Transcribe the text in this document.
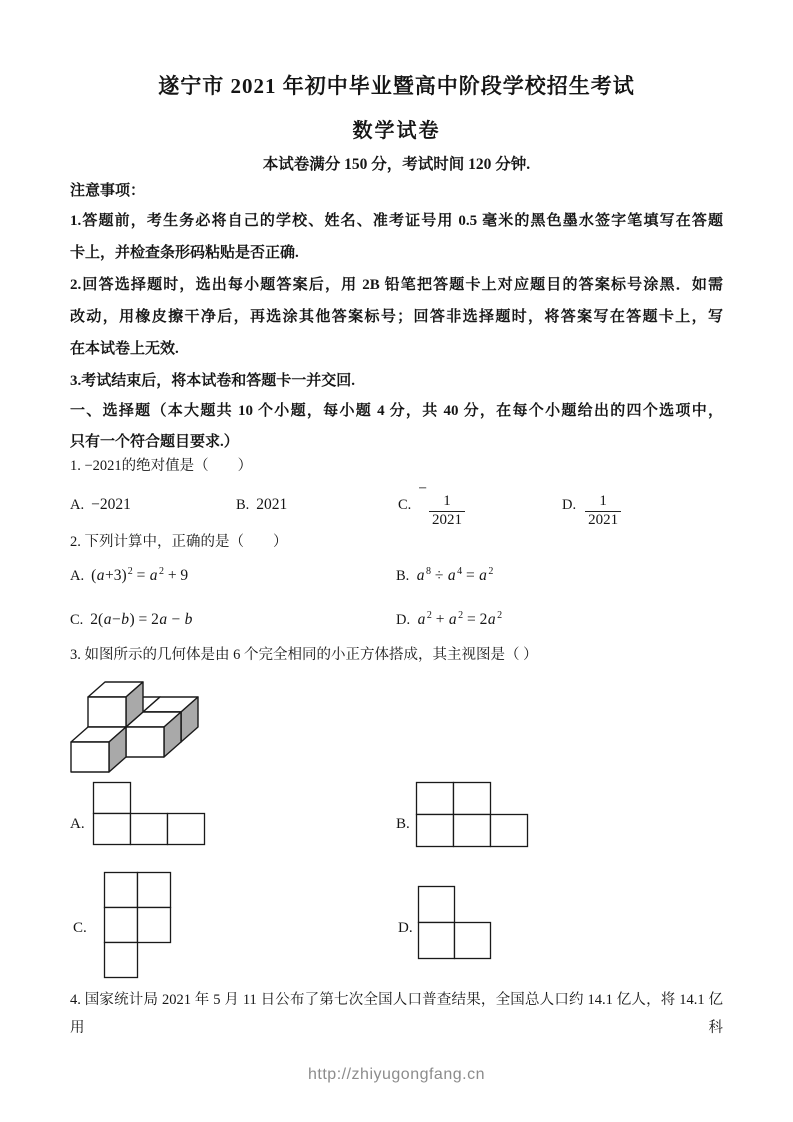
遂宁市 2021 年初中毕业暨高中阶段学校招生考试
数学试卷
本试卷满分 150 分，考试时间 120 分钟.
注意事项：
1.答题前，考生务必将自己的学校、姓名、准考证号用 0.5 毫米的黑色墨水签字笔填写在答题
卡上，并检查条形码粘贴是否正确.
2.回答选择题时，选出每小题答案后，用 2B 铅笔把答题卡上对应题目的答案标号涂黑．如需
改动，用橡皮擦干净后，再选涂其他答案标号；回答非选择题时，将答案写在答题卡上，写
在本试卷上无效.
3.考试结束后，将本试卷和答题卡一并交回.
一、选择题（本大题共 10 个小题，每小题 4 分，共 40 分，在每个小题给出的四个选项中，
只有一个符合题目要求.）
1. −2021的绝对值是（　　）
A. −2021	B. 2021	C.
−
$\frac{1}{2021}$	D. $\frac{1}{2021}$
2. 下列计算中，正确的是（　　）
A. $(a+3)^2 = a$ $^2$ + 9	B. a $^8$ ÷ a $^4$ = a $^2$
C. 2(a−b) = 2a − b	D. a $^2$ + a $^2$ = 2a $^2$
3. 如图所示的几何体是由 6 个完全相同的小正方体搭成，其主视图是（ ）
A.	B.
C.	D.
4. 国家统计局 2021 年 5 月 11 日公布了第七次全国人口普查结果，全国总人口约 14.1 亿人，将 14.1 亿用科
http://zhiyugongfang.cn
